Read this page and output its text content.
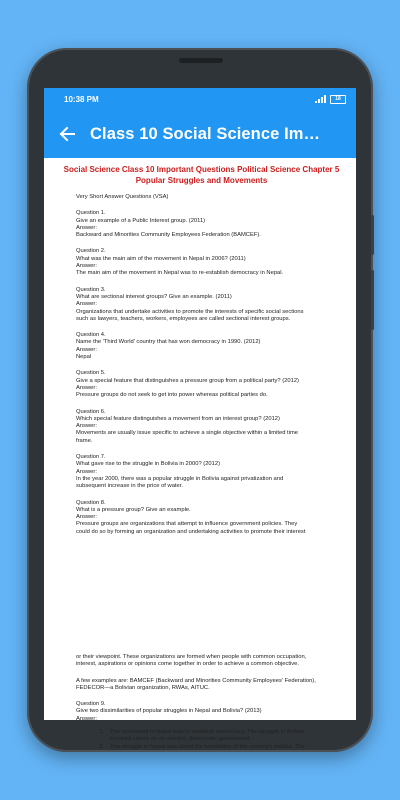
10:38 PM	18
Class 10 Social Science Im…
Social Science Class 10 Important Questions Political Science Chapter 5 Popular Struggles and Movements
Very Short Answer Questions (VSA)
Question 1.
Give an example of a Public Interest group. (2011)
Answer:
Backward and Minorities Community Employees Federation (BAMCEF).
Question 2.
What was the main aim of the movement in Nepal in 2006? (2011)
Answer:
The main aim of the movement in Nepal was to re-establish democracy in Nepal.
Question 3.
What are sectional interest groups? Give an example. (2011)
Answer:
Organizations that undertake activities to promote the interests of specific social sections
such as lawyers, teachers, workers, employees are called sectional interest groups.
Question 4.
Name the 'Third World' country that has won democracy in 1990. (2012)
Answer:
Nepal
Question 5.
Give a special feature that distinguishes a pressure group from a political party? (2012)
Answer:
Pressure groups do not seek to get into power whereas political parties do.
Question 6.
Which special feature distinguishes a movement from an interest group? (2012)
Answer:
Movements are usually issue specific to achieve a single objective within a limited time
frame.
Question 7.
What gave rise to the struggle in Bolivia in 2000? (2012)
Answer:
In the year 2000, there was a popular struggle in Bolivia against privatization and
subsequent increase in the price of water.
Question 8.
What is a pressure group? Give an example.
Answer:
Pressure groups are organizations that attempt to influence government policies. They
could do so by forming an organization and undertaking activities to promote their interest
or their viewpoint. These organizations are formed when people with common occupation,
interest, aspirations or opinions come together in order to achieve a common objective.
A few examples are: BAMCEF (Backward and Minorities Community Employees' Federation),
FEDECOR—a Bolivian organization, RWAs, AITUC.
Question 9.
Give two dissimilarities of popular struggles in Nepal and Bolivia? (2013)
Answer:
1.	The movement in Nepal was to establish democracy. The struggle in Bolivia
involved claims on an elected, democratic government.
2.	The struggle in Nepal was about the foundation of the country's politics. The
